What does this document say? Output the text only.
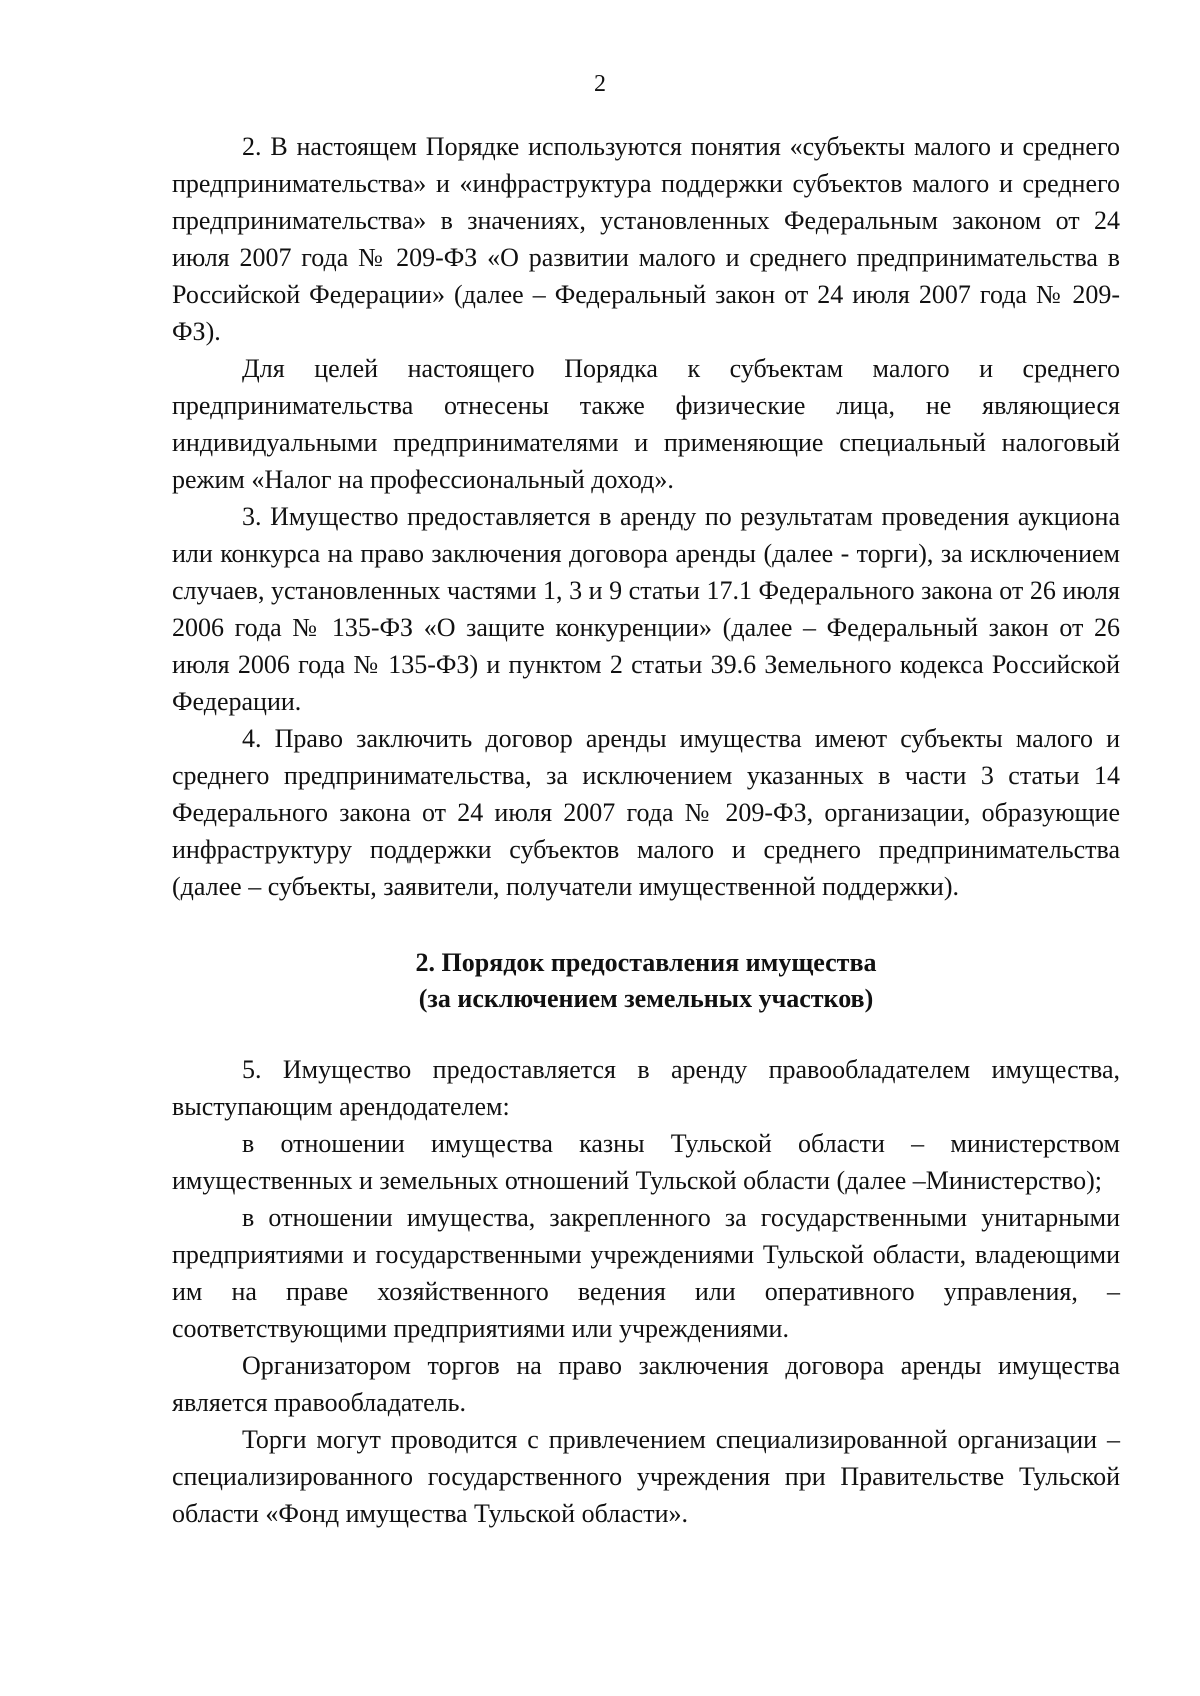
2

2. В настоящем Порядке используются понятия «субъекты малого и среднего предпринимательства» и «инфраструктура поддержки субъектов малого и среднего предпринимательства» в значениях, установленных Федеральным законом от 24 июля 2007 года № 209-ФЗ «О развитии малого и среднего предпринимательства в Российской Федерации» (далее – Федеральный закон от 24 июля 2007 года № 209-ФЗ).

Для целей настоящего Порядка к субъектам малого и среднего предпринимательства отнесены также физические лица, не являющиеся индивидуальными предпринимателями и применяющие специальный налоговый режим «Налог на профессиональный доход».

3. Имущество предоставляется в аренду по результатам проведения аукциона или конкурса на право заключения договора аренды (далее - торги), за исключением случаев, установленных частями 1, 3 и 9 статьи 17.1 Федерального закона от 26 июля 2006 года № 135-ФЗ «О защите конкуренции» (далее – Федеральный закон от 26 июля 2006 года № 135-ФЗ) и пунктом 2 статьи 39.6 Земельного кодекса Российской Федерации.

4. Право заключить договор аренды имущества имеют субъекты малого и среднего предпринимательства, за исключением указанных в части 3 статьи 14 Федерального закона от 24 июля 2007 года № 209-ФЗ, организации, образующие инфраструктуру поддержки субъектов малого и среднего предпринимательства (далее – субъекты, заявители, получатели имущественной поддержки).

2. Порядок предоставления имущества
(за исключением земельных участков)

5. Имущество предоставляется в аренду правообладателем имущества, выступающим арендодателем:

в отношении имущества казны Тульской области – министерством имущественных и земельных отношений Тульской области (далее –Министерство);

в отношении имущества, закрепленного за государственными унитарными предприятиями и государственными учреждениями Тульской области, владеющими им на праве хозяйственного ведения или оперативного управления, – соответствующими предприятиями или учреждениями.

Организатором торгов на право заключения договора аренды имущества является правообладатель.

Торги могут проводится с привлечением специализированной организации – специализированного государственного учреждения при Правительстве Тульской области «Фонд имущества Тульской области».
